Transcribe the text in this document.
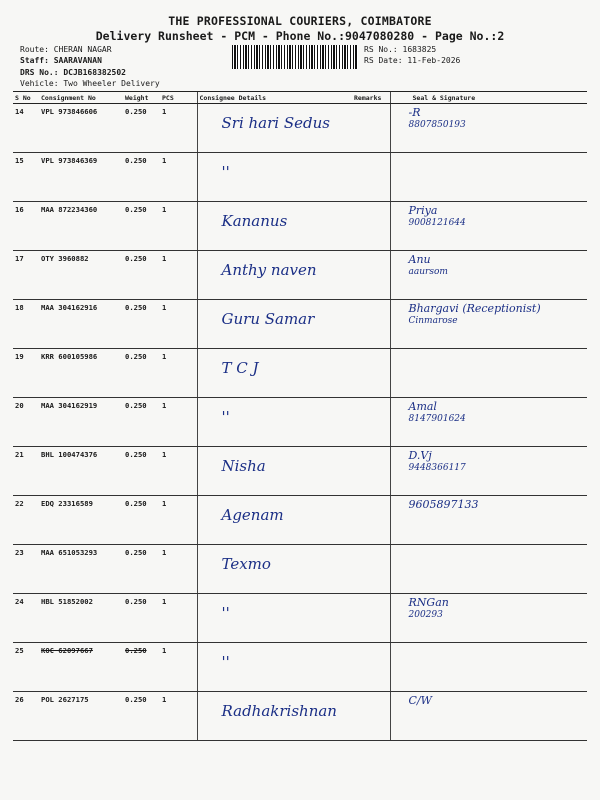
THE PROFESSIONAL COURIERS, COIMBATORE
Delivery Runsheet - PCM - Phone No.:9047080280 - Page No.:2
Route: CHERAN NAGAR
Staff: SAARAVANAN
DRS No.: DCJB168382502
Vehicle: Two Wheeler Delivery
RS No.: 1683825
RS Date: 11-Feb-2026
S No	Consignment No	Weight	PCS	Consignee Details	Remarks	Seal & Signature
14	VPL 973846606	0.250	1	Sri hari Sedus		-R
8807850193

15	VPL 973846369	0.250	1	''		

16	MAA 872234360	0.250	1	Kananus		Priya
9008121644

17	OTY 3960882	0.250	1	Anthy naven		Anu
aaursom

18	MAA 304162916	0.250	1	Guru Samar		Bhargavi (Receptionist)
Cinmarose

19	KRR 600105986	0.250	1	T C J		

20	MAA 304162919	0.250	1	''		Amal
8147901624

21	BHL 100474376	0.250	1	Nisha		D.Vj
9448366117

22	EDQ 23316589	0.250	1	Agenam		9605897133

23	MAA 651053293	0.250	1	Texmo		

24	HBL 51852002	0.250	1	''		RNGan
200293

25	KOC 62097667	0.250	1	''		

26	POL 2627175	0.250	1	Radhakrishnan		C/W
